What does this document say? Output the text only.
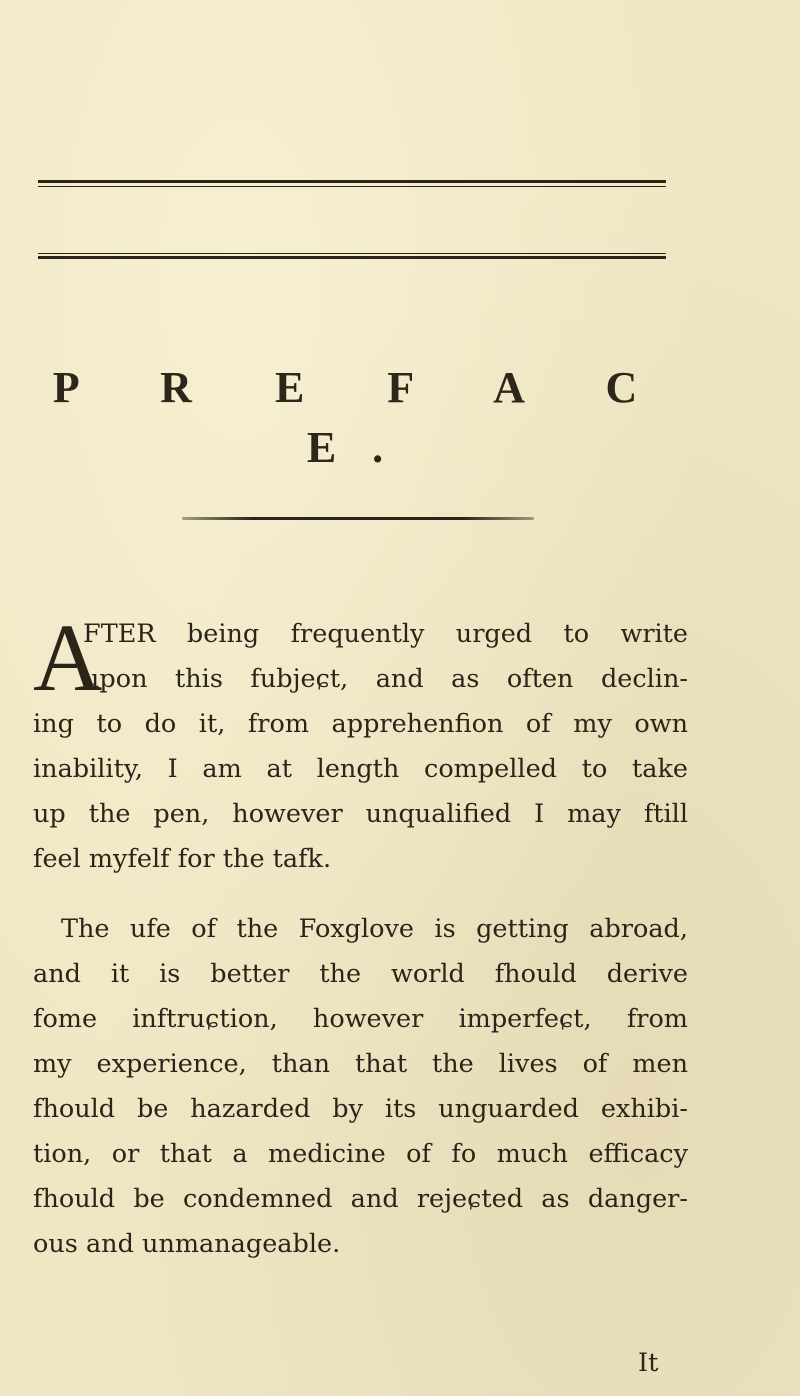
P R E F A C E.
A
FTER being frequently urged to write
upon this fubjeɕt, and as often declin-
ing to do it, from apprehenfion of my own
inability, I am at length compelled to take
up the pen, however unqualified I may ftill
feel myfelf for the tafk.
The ufe of the Foxglove is getting abroad,
and it is better the world fhould derive
fome inftruɕtion, however imperfeɕt, from
my experience, than that the lives of men
fhould be hazarded by its unguarded exhibi-
tion, or that a medicine of fo much efficacy
fhould be condemned and rejeɕted as danger-
ous and unmanageable.
It
